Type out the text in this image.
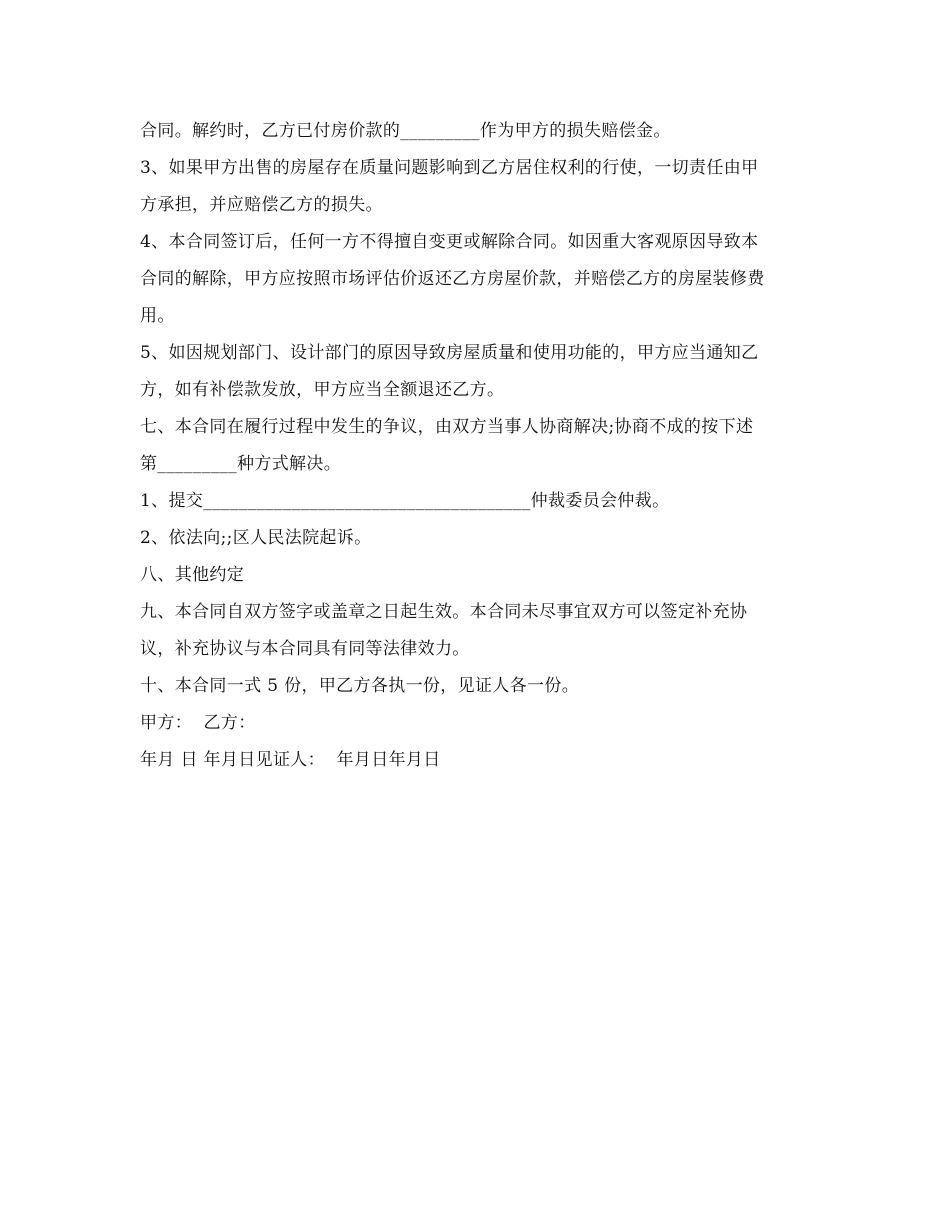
合同。解约时，乙方已付房价款的_________作为甲方的损失赔偿金。
3、如果甲方出售的房屋存在质量问题影响到乙方居住权利的行使，一切责任由甲
方承担，并应赔偿乙方的损失。
4、本合同签订后，任何一方不得擅自变更或解除合同。如因重大客观原因导致本
合同的解除，甲方应按照市场评估价返还乙方房屋价款，并赔偿乙方的房屋装修费
用。
5、如因规划部门、设计部门的原因导致房屋质量和使用功能的，甲方应当通知乙
方，如有补偿款发放，甲方应当全额退还乙方。
七、本合同在履行过程中发生的争议，由双方当事人协商解决;协商不成的按下述
第_________种方式解决。
1、提交_____________________________________仲裁委员会仲裁。
2、依法向;;区人民法院起诉。
八、其他约定
九、本合同自双方签字或盖章之日起生效。本合同未尽事宜双方可以签定补充协
议，补充协议与本合同具有同等法律效力。
十、本合同一式 5 份，甲乙方各执一份，见证人各一份。
甲方：  乙方：
年月 日 年月日见证人：  年月日年月日
